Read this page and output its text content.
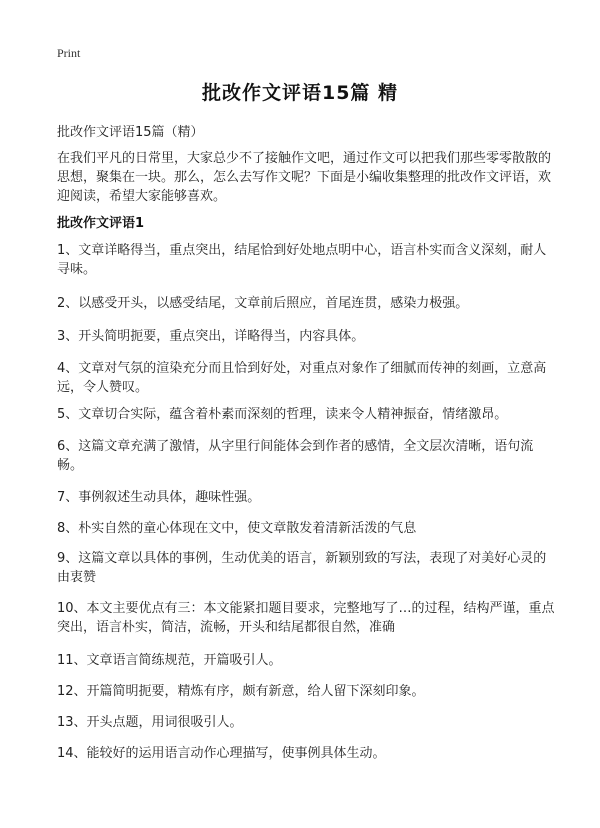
Print
批改作文评语15篇 精
批改作文评语15篇（精）
在我们平凡的日常里，大家总少不了接触作文吧，通过作文可以把我们那些零零散散的思想，聚集在一块。那么，怎么去写作文呢？下面是小编收集整理的批改作文评语，欢迎阅读，希望大家能够喜欢。
批改作文评语1
1、文章详略得当，重点突出，结尾恰到好处地点明中心，语言朴实而含义深刻，耐人寻味。
2、以感受开头，以感受结尾，文章前后照应，首尾连贯，感染力极强。
3、开头简明扼要，重点突出，详略得当，内容具体。
4、文章对气氛的渲染充分而且恰到好处，对重点对象作了细腻而传神的刻画，立意高远，令人赞叹。
5、文章切合实际，蕴含着朴素而深刻的哲理，读来令人精神振奋，情绪激昂。
6、这篇文章充满了激情，从字里行间能体会到作者的感情，全文层次清晰，语句流畅。
7、事例叙述生动具体，趣味性强。
8、朴实自然的童心体现在文中，使文章散发着清新活泼的气息
9、这篇文章以具体的事例，生动优美的语言，新颖别致的写法，表现了对美好心灵的由衷赞
10、本文主要优点有三：本文能紧扣题目要求，完整地写了…的过程，结构严谨，重点突出，语言朴实，简洁，流畅，开头和结尾都很自然，准确
11、文章语言简练规范，开篇吸引人。
12、开篇简明扼要，精炼有序，颇有新意，给人留下深刻印象。
13、开头点题，用词很吸引人。
14、能较好的运用语言动作心理描写，使事例具体生动。
